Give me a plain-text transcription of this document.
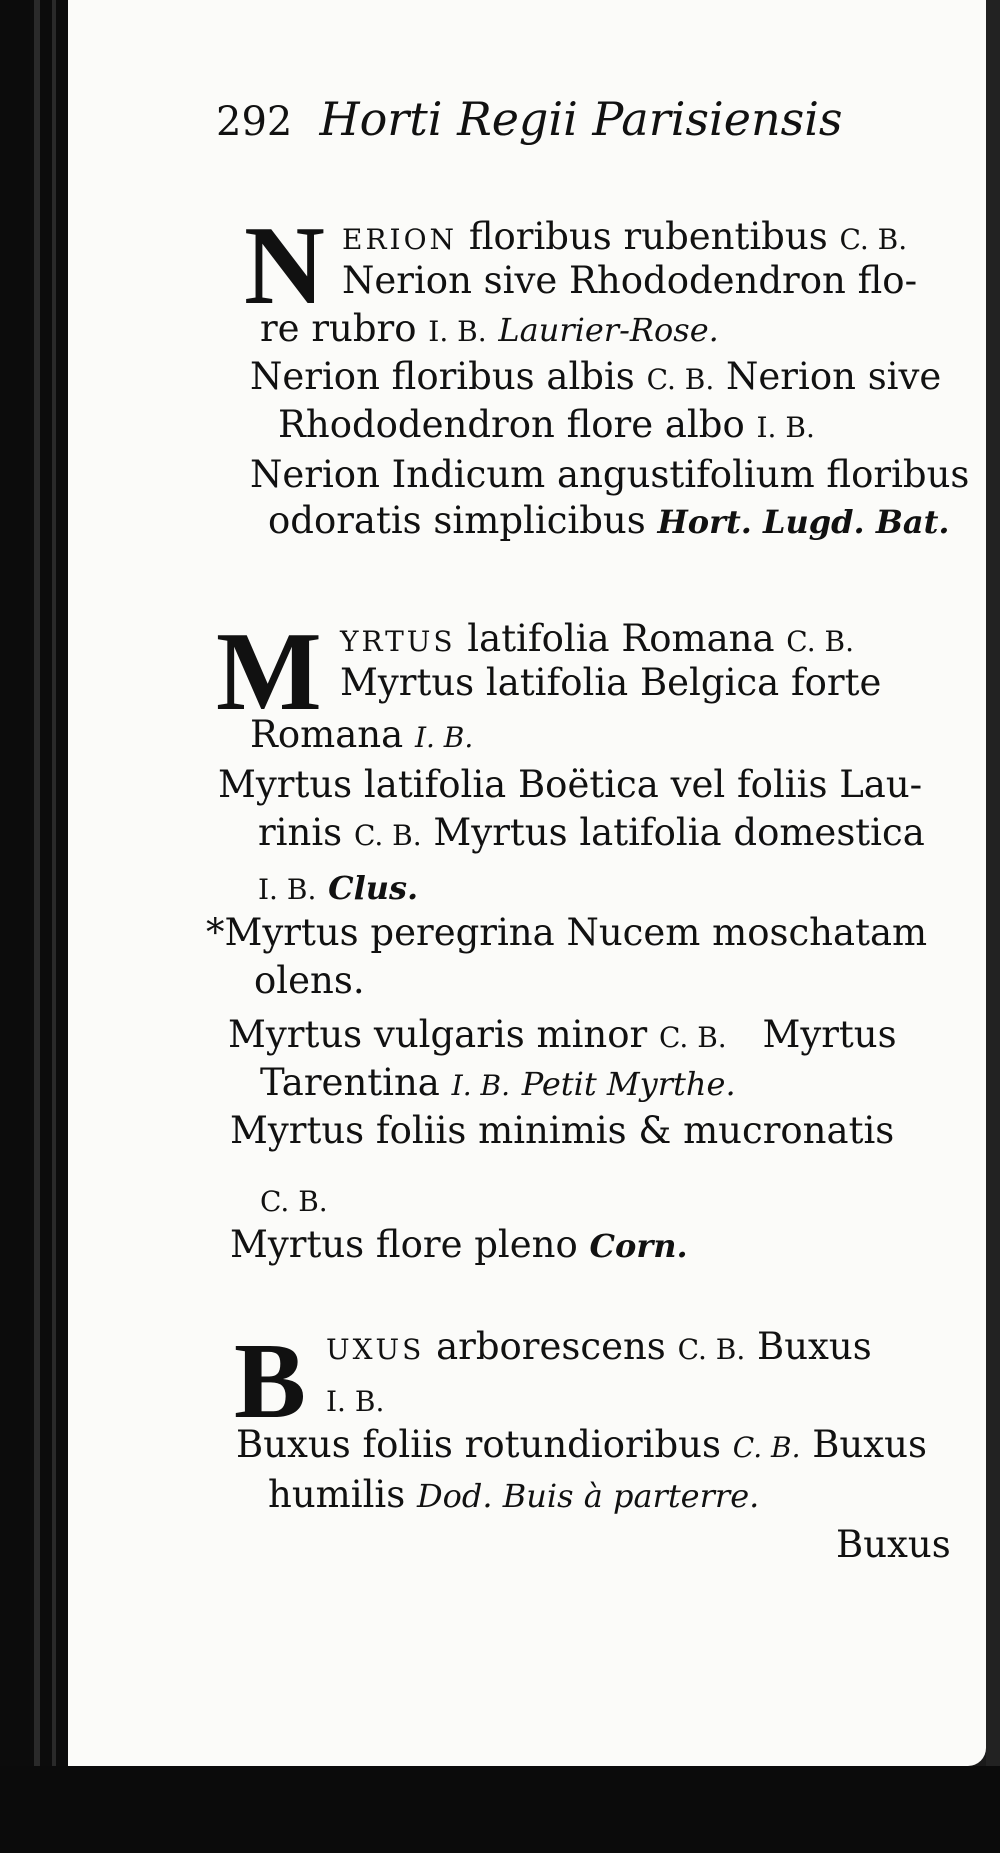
292 Horti Regii Parisiensis
N ERION floribus rubentibus C. B.
Nerion sive Rhododendron flo-
re rubro I. B. Laurier-Rose.
Nerion floribus albis C. B. Nerion sive
Rhododendron flore albo I. B.
Nerion Indicum angustifolium floribus
odoratis simplicibus Hort. Lugd. Bat.
M YRTUS latifolia Romana C. B.
Myrtus latifolia Belgica forte
Romana I. B.
Myrtus latifolia Boëtica vel foliis Lau-
rinis C. B. Myrtus latifolia domestica
I. B. Clus.
*Myrtus peregrina Nucem moschatam
olens.
Myrtus vulgaris minor C. B. Myrtus
Tarentina I. B. Petit Myrthe.
Myrtus foliis minimis & mucronatis
C. B.
Myrtus flore pleno Corn.
B UXUS arborescens C. B. Buxus
I. B.
Buxus foliis rotundioribus C. B. Buxus
humilis Dod. Buis à parterre.
Buxus
